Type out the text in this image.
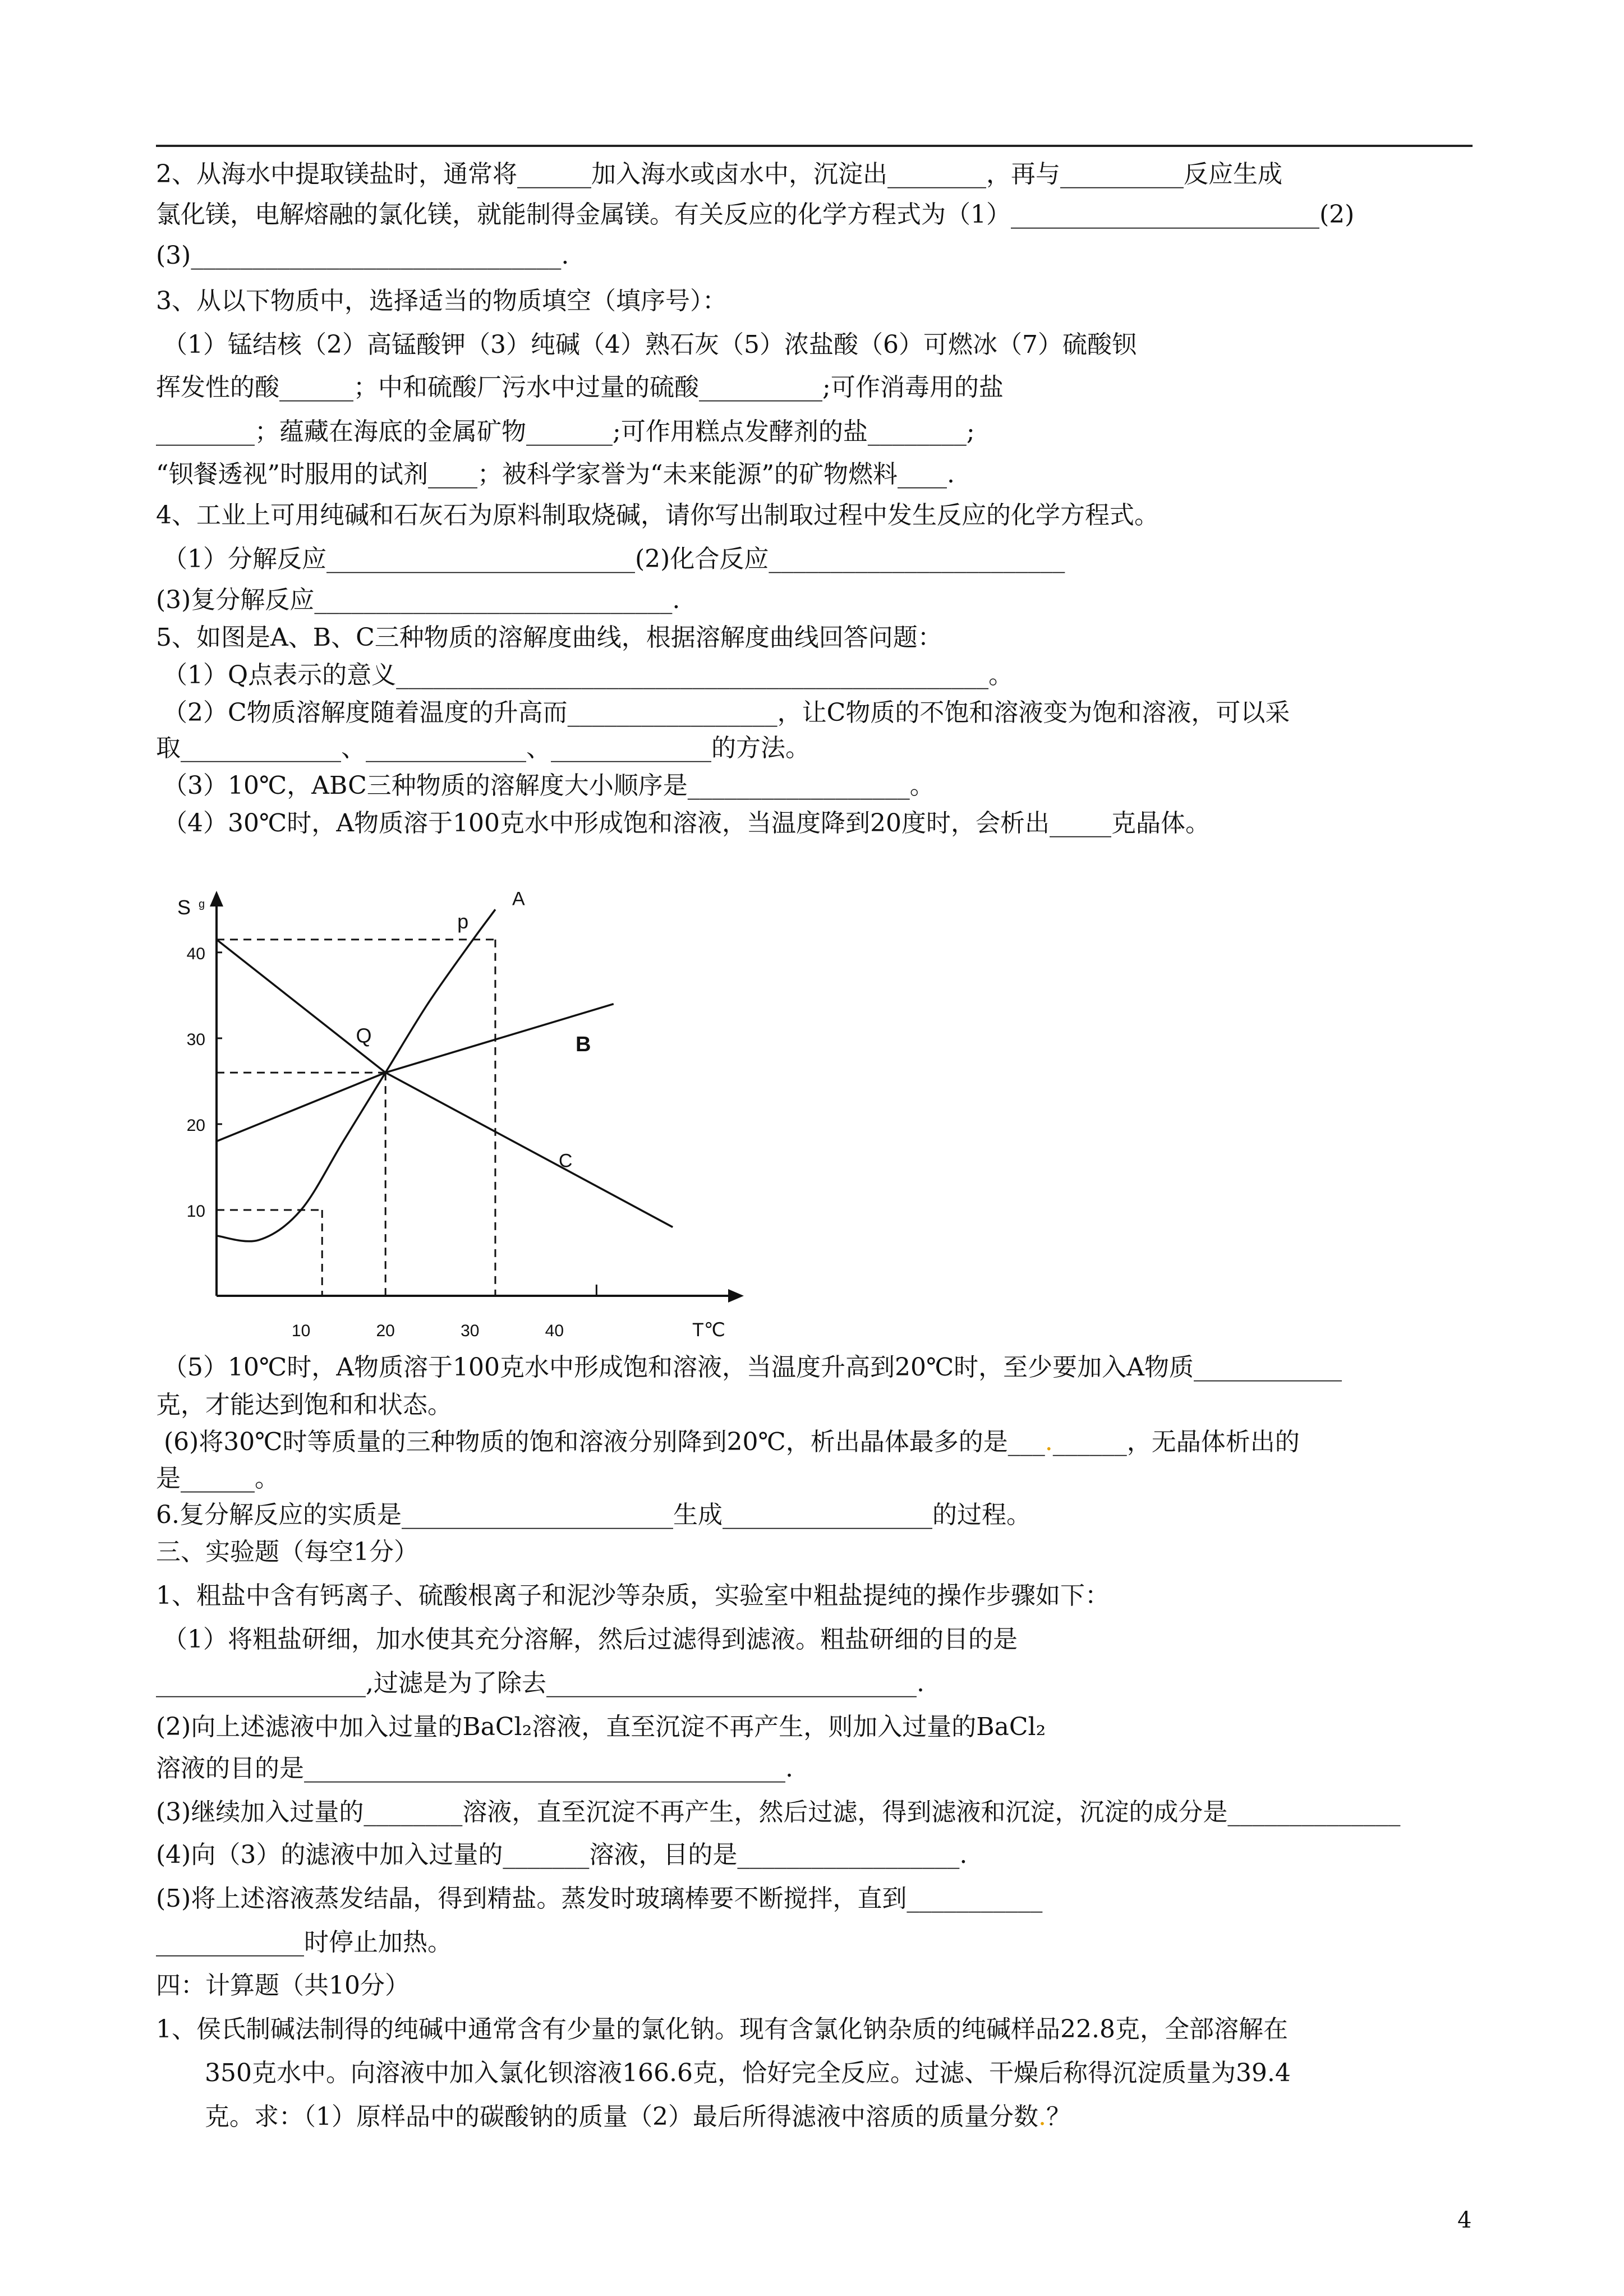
2、从海水中提取镁盐时，通常将______加入海水或卤水中，沉淀出________，再与__________反应生成
氯化镁，电解熔融的氯化镁，就能制得金属镁。有关反应的化学方程式为（1）_________________________(2)
(3)______________________________.
3、从以下物质中，选择适当的物质填空（填序号）：
（1）锰结核（2）高锰酸钾（3）纯碱（4）熟石灰（5）浓盐酸（6）可燃冰（7）硫酸钡
挥发性的酸______；中和硫酸厂污水中过量的硫酸__________;可作消毒用的盐
________；蕴藏在海底的金属矿物_______;可作用糕点发酵剂的盐________;
“钡餐透视”时服用的试剂____；被科学家誉为“未来能源”的矿物燃料____.
4、工业上可用纯碱和石灰石为原料制取烧碱，请你写出制取过程中发生反应的化学方程式。
（1）分解反应_________________________(2)化合反应________________________
(3)复分解反应_____________________________.
5、如图是A、B、C三种物质的溶解度曲线，根据溶解度曲线回答问题：
（1）Q点表示的意义________________________________________________。
（2）C物质溶解度随着温度的升高而_________________，让C物质的不饱和溶液变为饱和溶液，可以采
取_____________、_____________、_____________的方法。
（3）10℃，ABC三种物质的溶解度大小顺序是__________________。
（4）30℃时，A物质溶于100克水中形成饱和溶液，当温度降到20度时，会析出_____克晶体。
10	20	30	40
10
20
30
40
S g
T℃
A
B
C
Q
p
（5）10℃时，A物质溶于100克水中形成饱和溶液，当温度升高到20℃时，至少要加入A物质____________
克，才能达到饱和和状态。
(6)将30℃时等质量的三种物质的饱和溶液分别降到20℃，析出晶体最多的是___.______，无晶体析出的
是______。
6.复分解反应的实质是______________________生成_________________的过程。
三、实验题（每空1分）
1、粗盐中含有钙离子、硫酸根离子和泥沙等杂质，实验室中粗盐提纯的操作步骤如下：
（1）将粗盐研细，加水使其充分溶解，然后过滤得到滤液。粗盐研细的目的是
_________________,过滤是为了除去______________________________.
(2)向上述滤液中加入过量的BaCl₂溶液，直至沉淀不再产生，则加入过量的BaCl₂
溶液的目的是_______________________________________.
(3)继续加入过量的________溶液，直至沉淀不再产生，然后过滤，得到滤液和沉淀，沉淀的成分是______________
(4)向（3）的滤液中加入过量的_______溶液，目的是__________________.
(5)将上述溶液蒸发结晶，得到精盐。蒸发时玻璃棒要不断搅拌，直到___________
____________时停止加热。
四：计算题（共10分）
1、侯氏制碱法制得的纯碱中通常含有少量的氯化钠。现有含氯化钠杂质的纯碱样品22.8克，全部溶解在
350克水中。向溶液中加入氯化钡溶液166.6克，恰好完全反应。过滤、干燥后称得沉淀质量为39.4
克。求：（1）原样品中的碳酸钠的质量（2）最后所得滤液中溶质的质量分数.？
4
